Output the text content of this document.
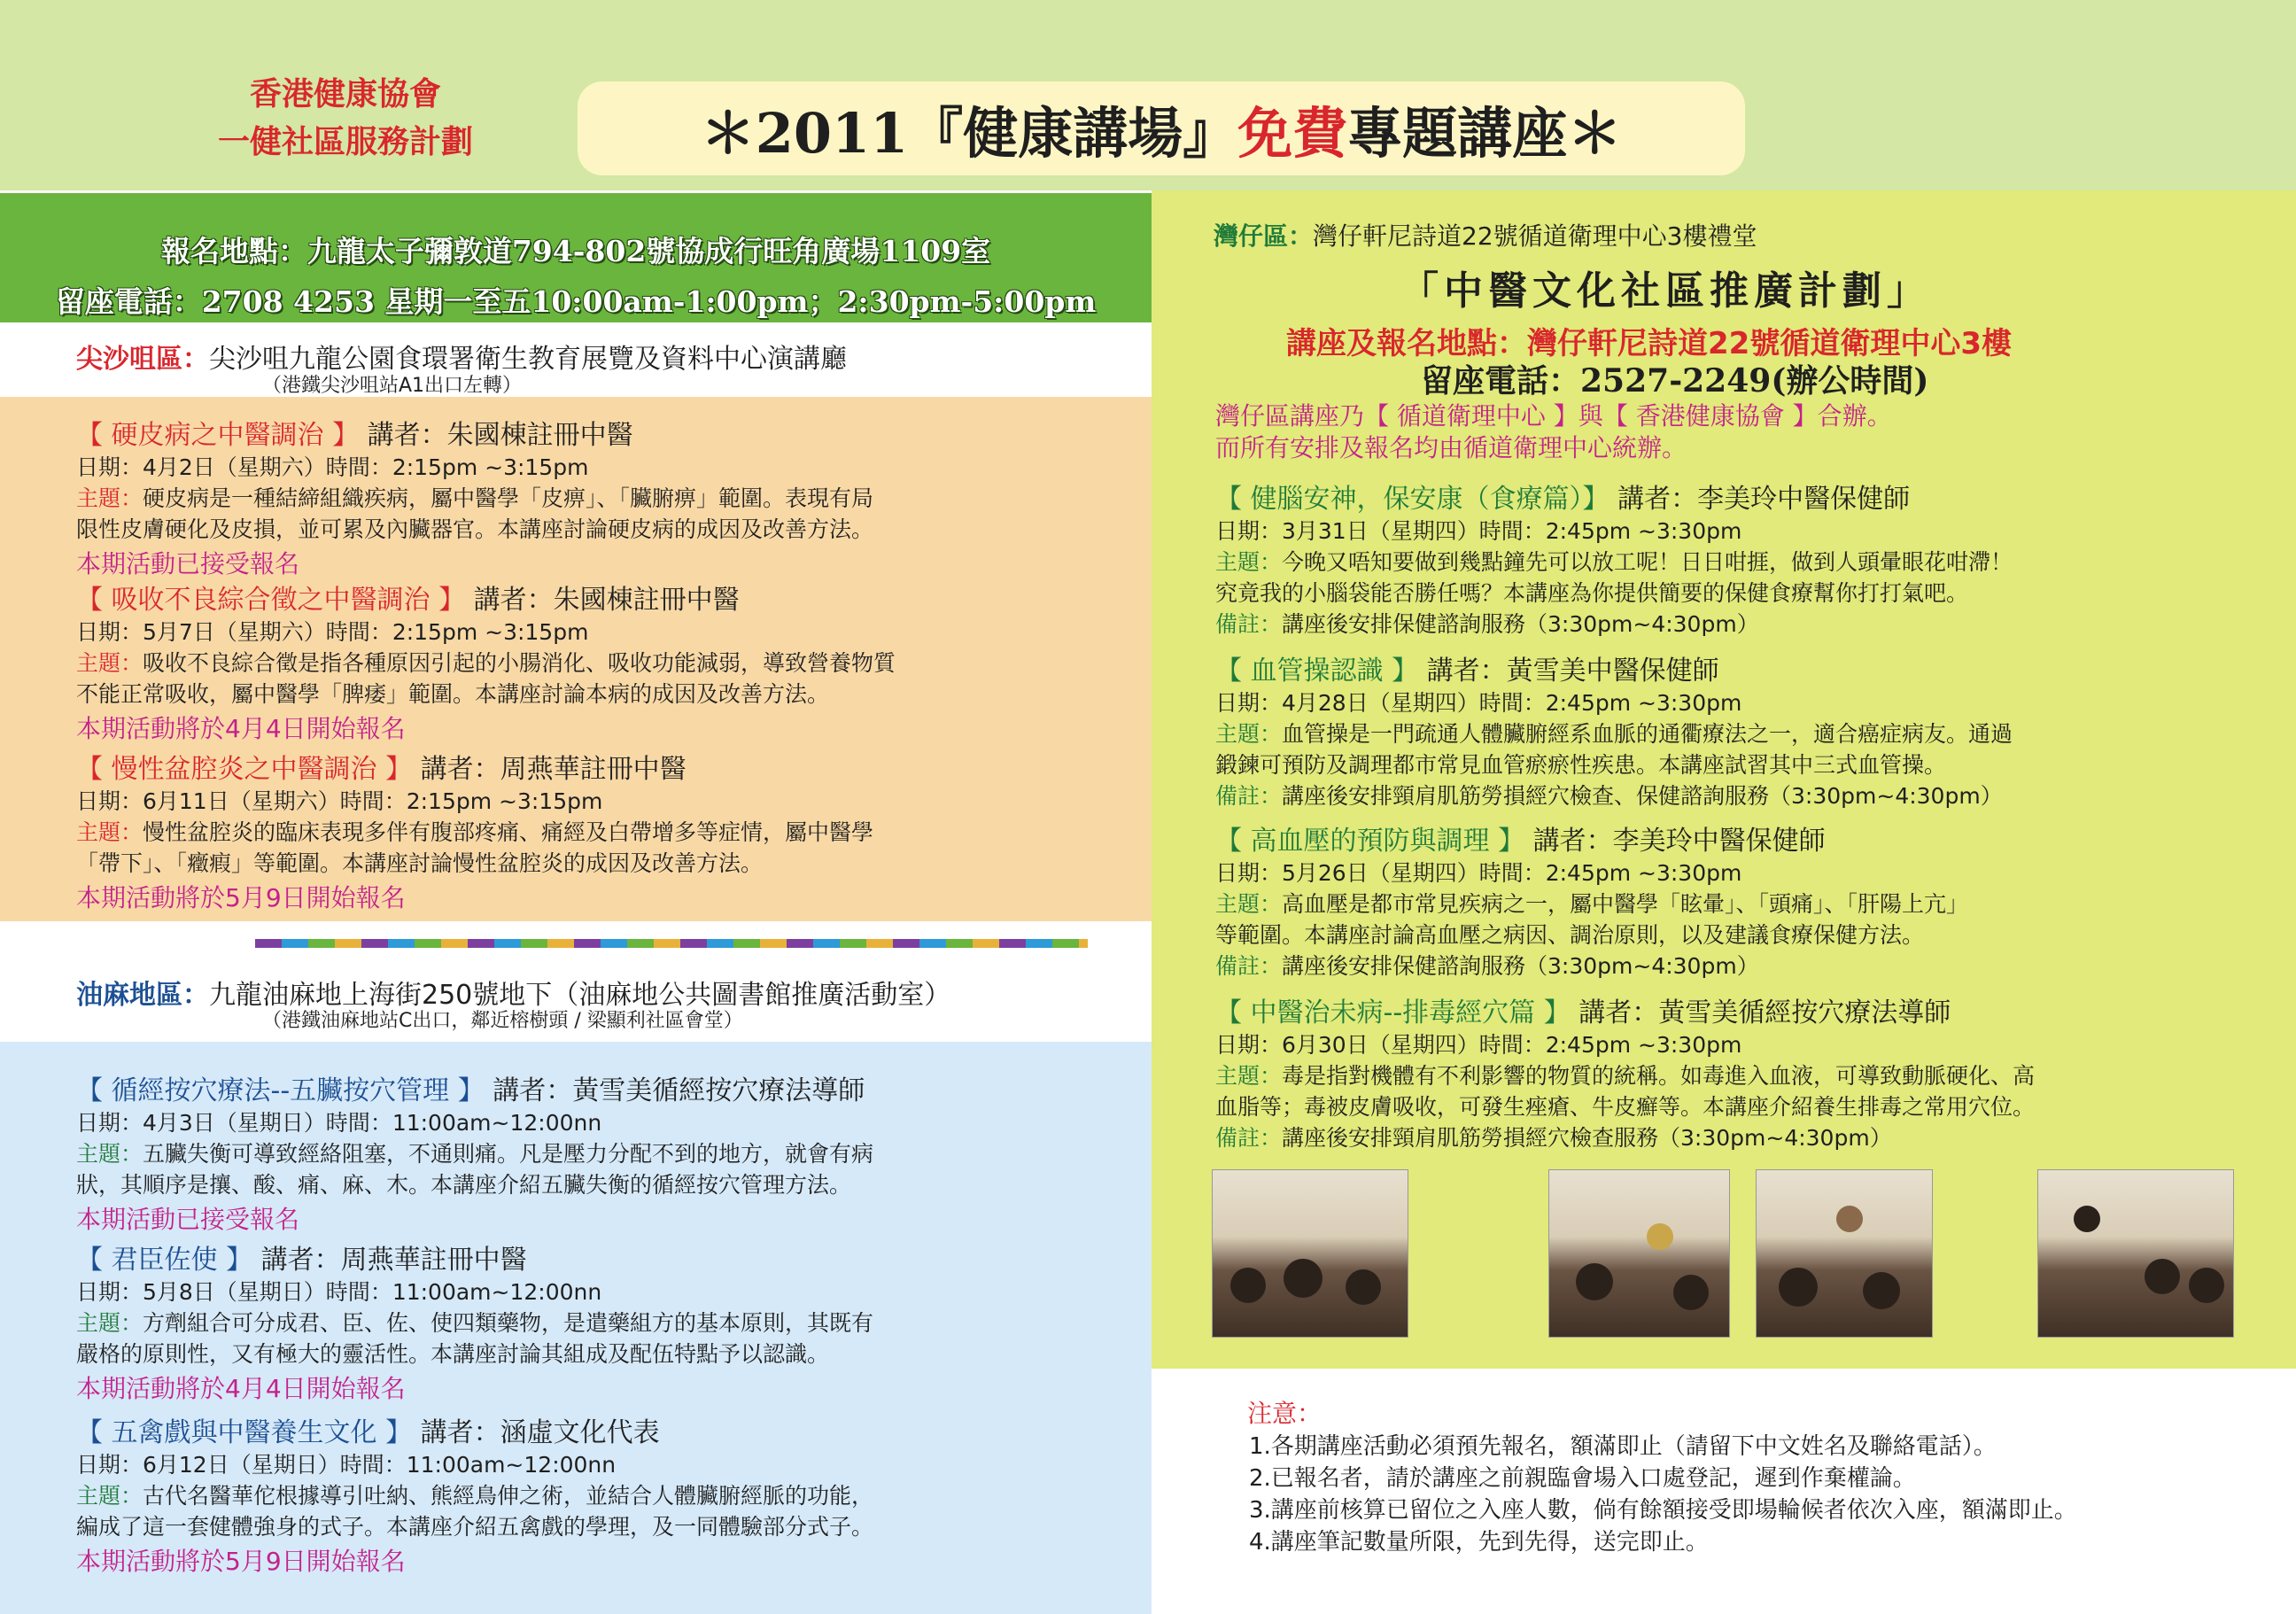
香港健康協會
一健社區服務計劃	＊2011『健康講場』 免費 專題講座＊
報名地點：九龍太子彌敦道794-802號協成行旺角廣場1109室
留座電話：2708 4253 星期一至五10:00am-1:00pm；2:30pm-5:00pm
尖沙咀區：尖沙咀九龍公園食環署衛生教育展覽及資料中心演講廳
（港鐵尖沙咀站A1出口左轉）
【 硬皮病之中醫調治 】 講者：朱國棟註冊中醫
日期：4月2日（星期六）時間：2:15pm ~3:15pm
主題：硬皮病是一種結締組織疾病，屬中醫學「皮痹」、「臟腑痹」範圍。表現有局
限性皮膚硬化及皮損，並可累及內臟器官。本講座討論硬皮病的成因及改善方法。
本期活動已接受報名
【 吸收不良綜合徵之中醫調治 】 講者：朱國棟註冊中醫
日期：5月7日（星期六）時間：2:15pm ~3:15pm
主題：吸收不良綜合徵是指各種原因引起的小腸消化、吸收功能減弱，導致營養物質
不能正常吸收，屬中醫學「脾痿」範圍。本講座討論本病的成因及改善方法。
本期活動將於4月4日開始報名
【 慢性盆腔炎之中醫調治 】 講者：周燕華註冊中醫
日期：6月11日（星期六）時間：2:15pm ~3:15pm
主題：慢性盆腔炎的臨床表現多伴有腹部疼痛、痛經及白帶增多等症情，屬中醫學
「帶下」、「癥瘕」等範圍。本講座討論慢性盆腔炎的成因及改善方法。
本期活動將於5月9日開始報名
油麻地區：九龍油麻地上海街250號地下（油麻地公共圖書館推廣活動室）
（港鐵油麻地站C出口，鄰近榕樹頭 / 梁顯利社區會堂）
【 循經按穴療法--五臟按穴管理 】 講者：黃雪美循經按穴療法導師
日期：4月3日（星期日）時間：11:00am~12:00nn
主題：五臟失衡可導致經絡阻塞，不通則痛。凡是壓力分配不到的地方，就會有病
狀，其順序是攘、酸、痛、麻、木。本講座介紹五臟失衡的循經按穴管理方法。
本期活動已接受報名
【 君臣佐使 】 講者：周燕華註冊中醫
日期：5月8日（星期日）時間：11:00am~12:00nn
主題：方劑組合可分成君、臣、佐、使四類藥物，是遣藥組方的基本原則，其既有
嚴格的原則性，又有極大的靈活性。本講座討論其組成及配伍特點予以認識。
本期活動將於4月4日開始報名
【 五禽戲與中醫養生文化 】 講者：涵虛文化代表
日期：6月12日（星期日）時間：11:00am~12:00nn
主題：古代名醫華佗根據導引吐納、熊經鳥伸之術，並結合人體臟腑經脈的功能，
編成了這一套健體強身的式子。本講座介紹五禽戲的學理，及一同體驗部分式子。
本期活動將於5月9日開始報名
灣仔區：灣仔軒尼詩道22號循道衛理中心3樓禮堂
「中醫文化社區推廣計劃」
講座及報名地點：灣仔軒尼詩道22號循道衛理中心3樓
留座電話：2527-2249(辦公時間)
灣仔區講座乃【 循道衛理中心 】與【 香港健康協會 】合辦。
而所有安排及報名均由循道衛理中心統辦。
【 健腦安神，保安康（食療篇）】 講者：李美玲中醫保健師
日期：3月31日（星期四）時間：2:45pm ~3:30pm
主題：今晚又唔知要做到幾點鐘先可以放工呢！日日咁捱，做到人頭暈眼花咁滯！
究竟我的小腦袋能否勝任嗎？本講座為你提供簡要的保健食療幫你打打氣吧。
備註：講座後安排保健諮詢服務（3:30pm~4:30pm）
【 血管操認識 】 講者：黃雪美中醫保健師
日期：4月28日（星期四）時間：2:45pm ~3:30pm
主題：血管操是一門疏通人體臟腑經系血脈的通衢療法之一，適合癌症病友。通過
鍛鍊可預防及調理都市常見血管瘀瘀性疾患。本講座試習其中三式血管操。
備註：講座後安排頸肩肌筋勞損經穴檢查、保健諮詢服務（3:30pm~4:30pm）
【 高血壓的預防與調理 】 講者：李美玲中醫保健師
日期：5月26日（星期四）時間：2:45pm ~3:30pm
主題：高血壓是都市常見疾病之一，屬中醫學「眩暈」、「頭痛」、「肝陽上亢」
等範圍。本講座討論高血壓之病因、調治原則，以及建議食療保健方法。
備註：講座後安排保健諮詢服務（3:30pm~4:30pm）
【 中醫治未病--排毒經穴篇 】 講者：黃雪美循經按穴療法導師
日期：6月30日（星期四）時間：2:45pm ~3:30pm
主題：毒是指對機體有不利影響的物質的統稱。如毒進入血液，可導致動脈硬化、高
血脂等；毒被皮膚吸收，可發生痤瘡、牛皮癬等。本講座介紹養生排毒之常用穴位。
備註：講座後安排頸肩肌筋勞損經穴檢查服務（3:30pm~4:30pm）
注意：
1.各期講座活動必須預先報名，額滿即止（請留下中文姓名及聯絡電話）。
2.已報名者，請於講座之前親臨會場入口處登記，遲到作棄權論。
3.講座前核算已留位之入座人數，倘有餘額接受即場輪候者依次入座，額滿即止。
4.講座筆記數量所限，先到先得，送完即止。
